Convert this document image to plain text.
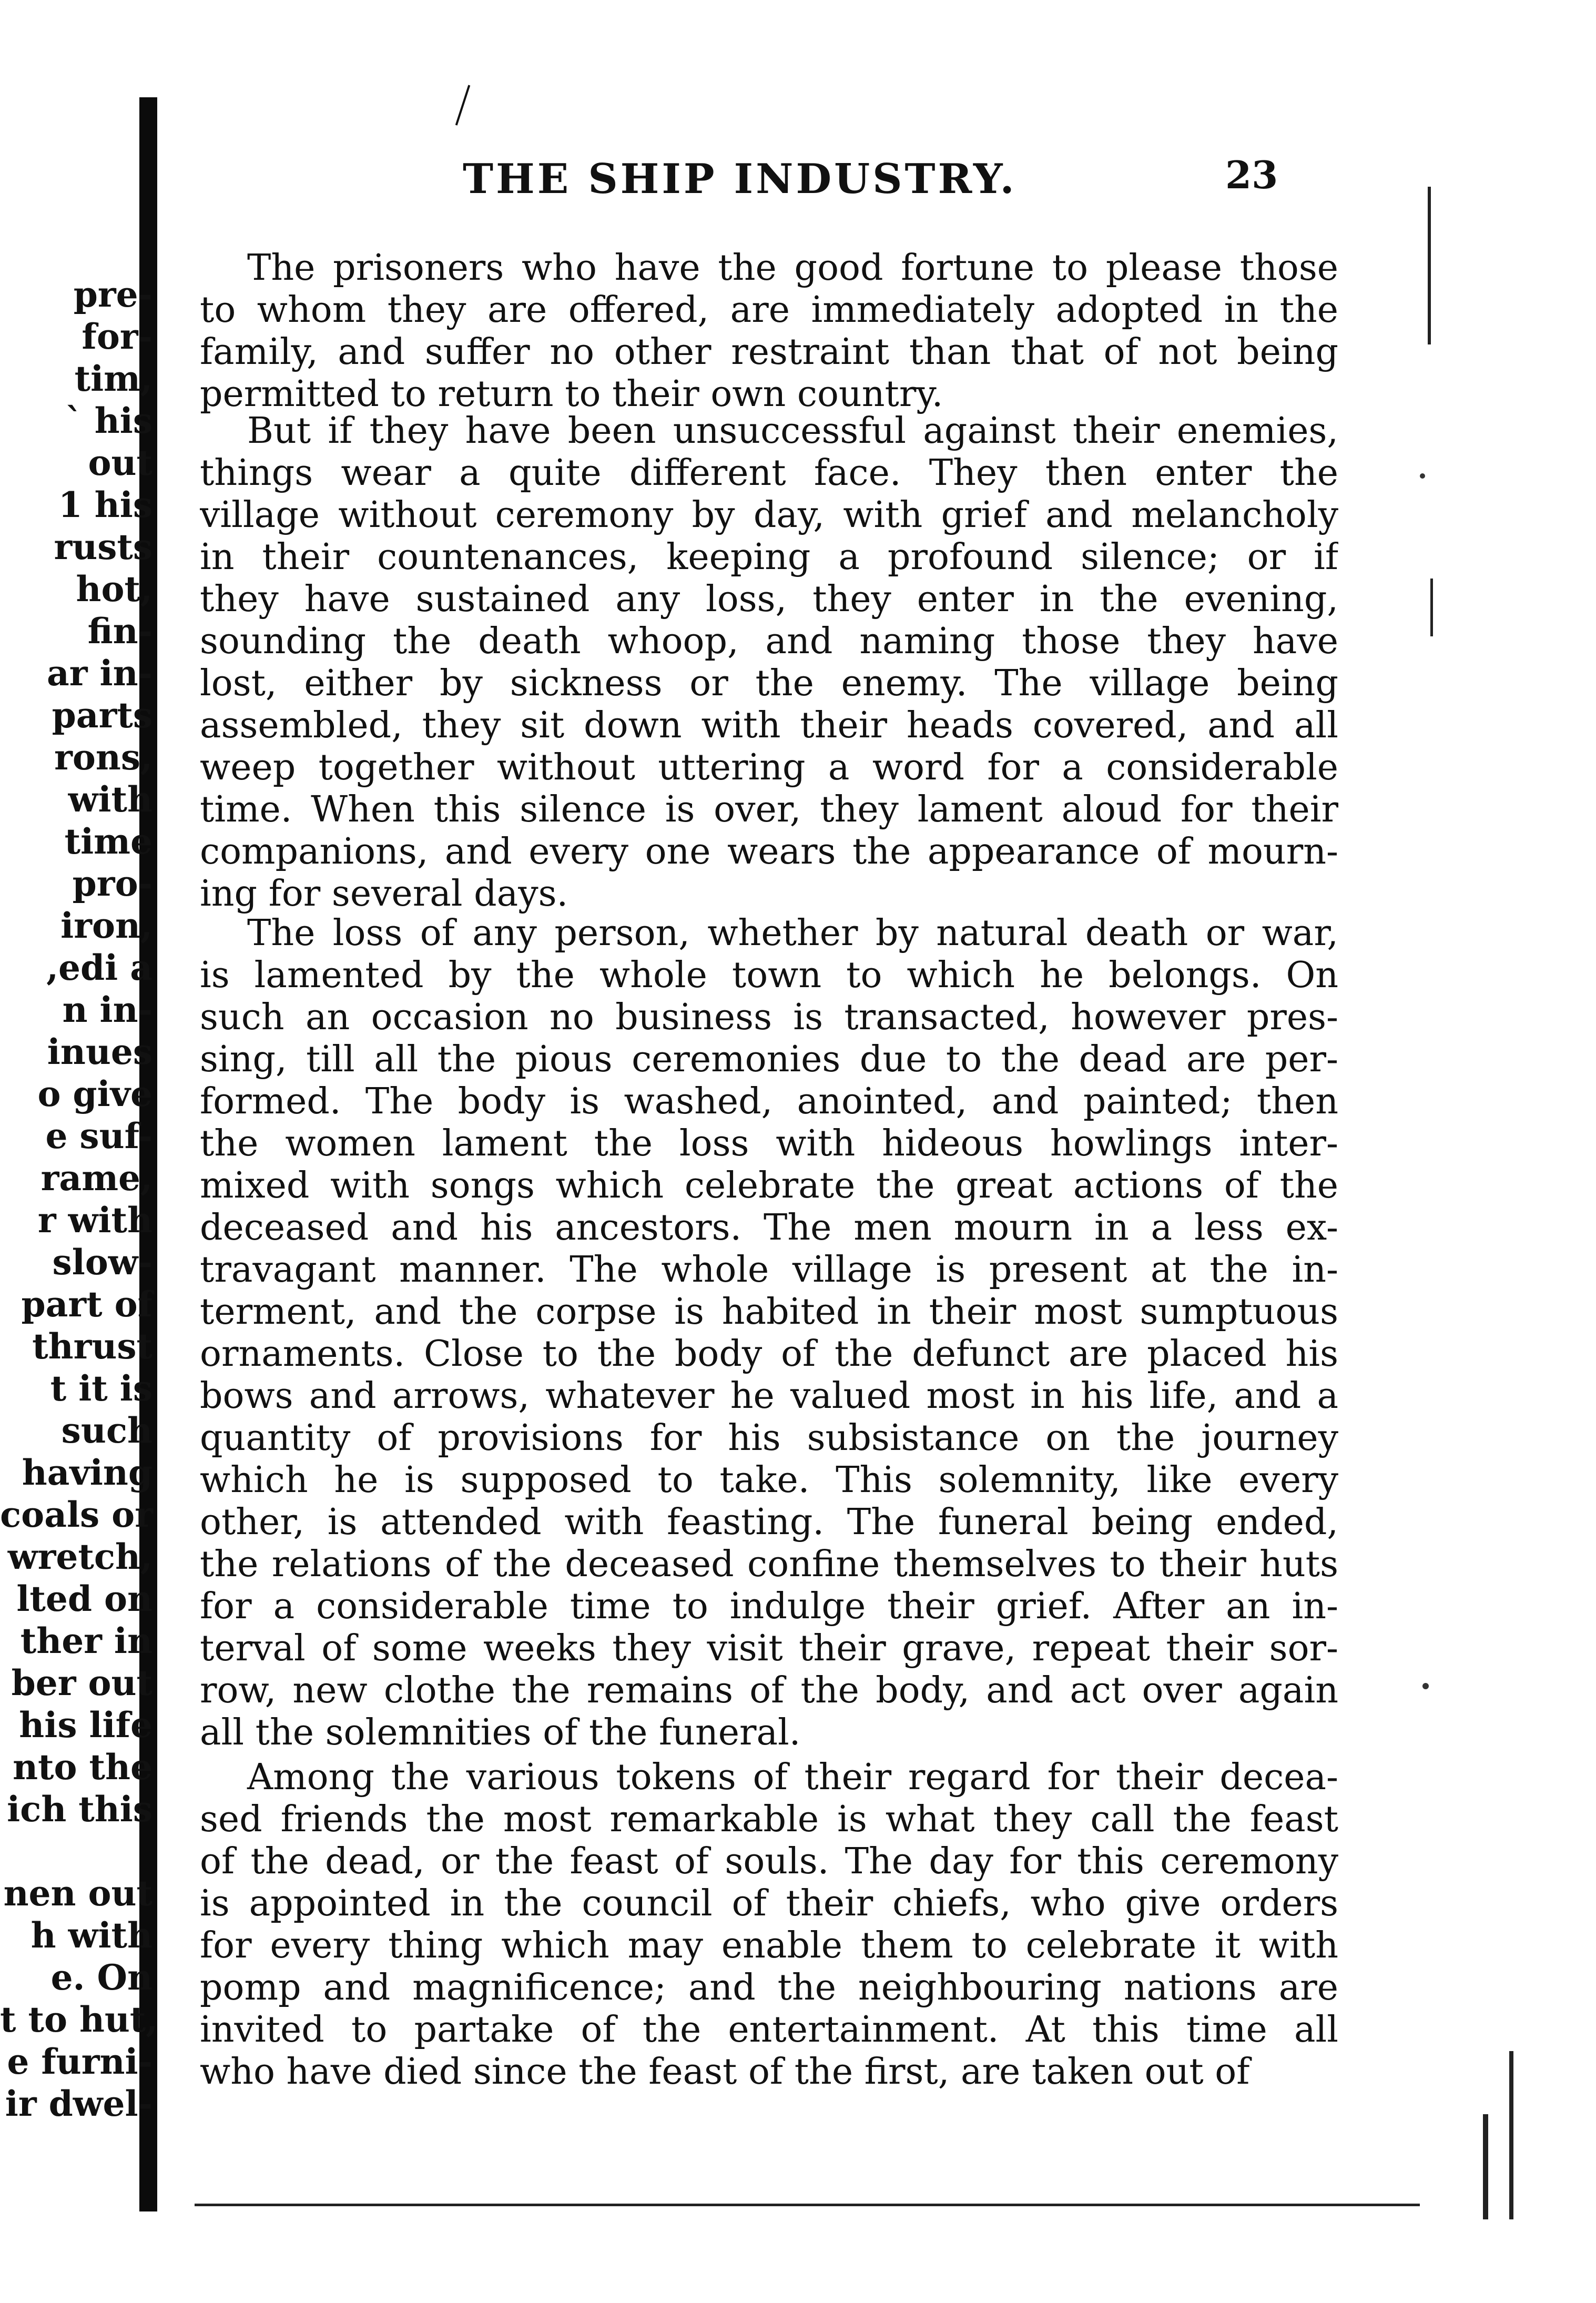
pre-
for-
tim,
` his
out
1 his
rusts
hot,
fin-
ar in-
parts
rons,
with
time
pro-
iron,
,edi a
n in-
inues
o give
e suf-
rame,
r with
slow-
part of
thrust
t it is
such
having
coals or
wretch,
lted on
ther in
ber out
his life
nto the
ich this
nen out
h with
e. On
t to hut,
e furni-
ir dwel-
THE SHIP INDUSTRY.	23
The prisoners who have the good fortune to please those
to whom they are offered, are immediately adopted in the
family, and suffer no other restraint than that of not being
permitted to return to their own country.
But if they have been unsuccessful against their enemies,
things wear a quite different face. They then enter the
village without ceremony by day, with grief and melancholy
in their countenances, keeping a profound silence; or if
they have sustained any loss, they enter in the evening,
sounding the death whoop, and naming those they have
lost, either by sickness or the enemy. The village being
assembled, they sit down with their heads covered, and all
weep together without uttering a word for a considerable
time. When this silence is over, they lament aloud for their
companions, and every one wears the appearance of mourn-
ing for several days.
The loss of any person, whether by natural death or war,
is lamented by the whole town to which he belongs. On
such an occasion no business is transacted, however pres-
sing, till all the pious ceremonies due to the dead are per-
formed. The body is washed, anointed, and painted; then
the women lament the loss with hideous howlings inter-
mixed with songs which celebrate the great actions of the
deceased and his ancestors. The men mourn in a less ex-
travagant manner. The whole village is present at the in-
terment, and the corpse is habited in their most sumptuous
ornaments. Close to the body of the defunct are placed his
bows and arrows, whatever he valued most in his life, and a
quantity of provisions for his subsistance on the journey
which he is supposed to take. This solemnity, like every
other, is attended with feasting. The funeral being ended,
the relations of the deceased confine themselves to their huts
for a considerable time to indulge their grief. After an in-
terval of some weeks they visit their grave, repeat their sor-
row, new clothe the remains of the body, and act over again
all the solemnities of the funeral.
Among the various tokens of their regard for their decea-
sed friends the most remarkable is what they call the feast
of the dead, or the feast of souls. The day for this ceremony
is appointed in the council of their chiefs, who give orders
for every thing which may enable them to celebrate it with
pomp and magnificence; and the neighbouring nations are
invited to partake of the entertainment. At this time all
who have died since the feast of the first, are taken out of
